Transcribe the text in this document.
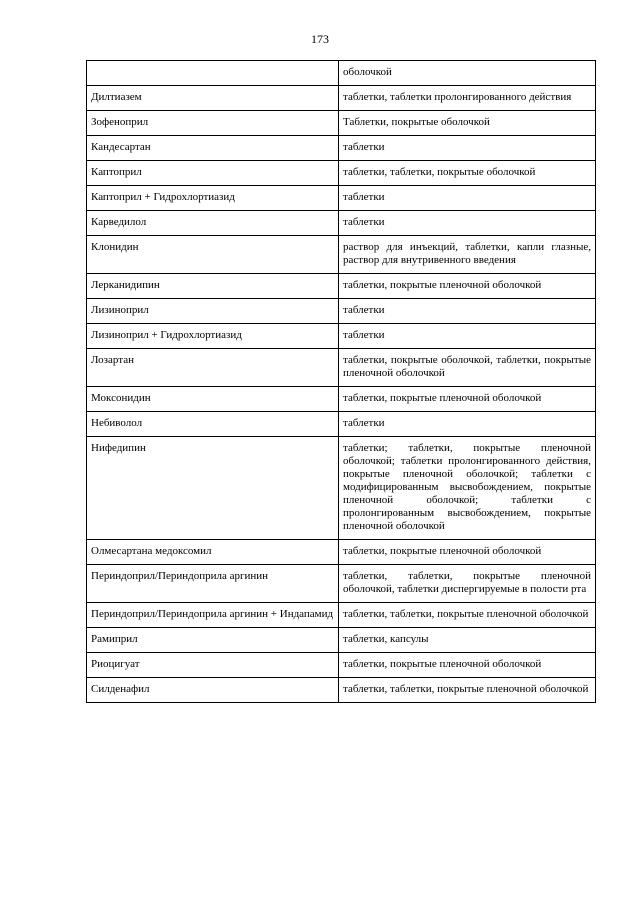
173
	оболочкой
Дилтиазем	таблетки, таблетки пролонгированного действия
Зофеноприл	Таблетки, покрытые оболочкой
Кандесартан	таблетки
Каптоприл	таблетки, таблетки, покрытые оболочкой
Каптоприл + Гидрохлортиазид	таблетки
Карведилол	таблетки
Клонидин	раствор для инъекций, таблетки, капли глазные, раствор для внутривенного введения
Лерканидипин	таблетки, покрытые пленочной оболочкой
Лизиноприл	таблетки
Лизиноприл + Гидрохлортиазид	таблетки
Лозартан	таблетки, покрытые оболочкой, таблетки, покрытые пленочной оболочкой
Моксонидин	таблетки, покрытые пленочной оболочкой
Небиволол	таблетки
Нифедипин	таблетки; таблетки, покрытые пленочной оболочкой; таблетки пролонгированного действия, покрытые пленочной оболочкой; таблетки с модифицированным высвобождением, покрытые пленочной оболочкой; таблетки с пролонгированным высвобождением, покрытые пленочной оболочкой
Олмесартана медоксомил	таблетки, покрытые пленочной оболочкой
Периндоприл/Периндоприла аргинин	таблетки, таблетки, покрытые пленочной оболочкой, таблетки диспергируемые в полости рта
Периндоприл/Периндоприла аргинин + Индапамид	таблетки, таблетки, покрытые пленочной оболочкой
Рамиприл	таблетки, капсулы
Риоцигуат	таблетки, покрытые пленочной оболочкой
Силденафил	таблетки, таблетки, покрытые пленочной оболочкой
